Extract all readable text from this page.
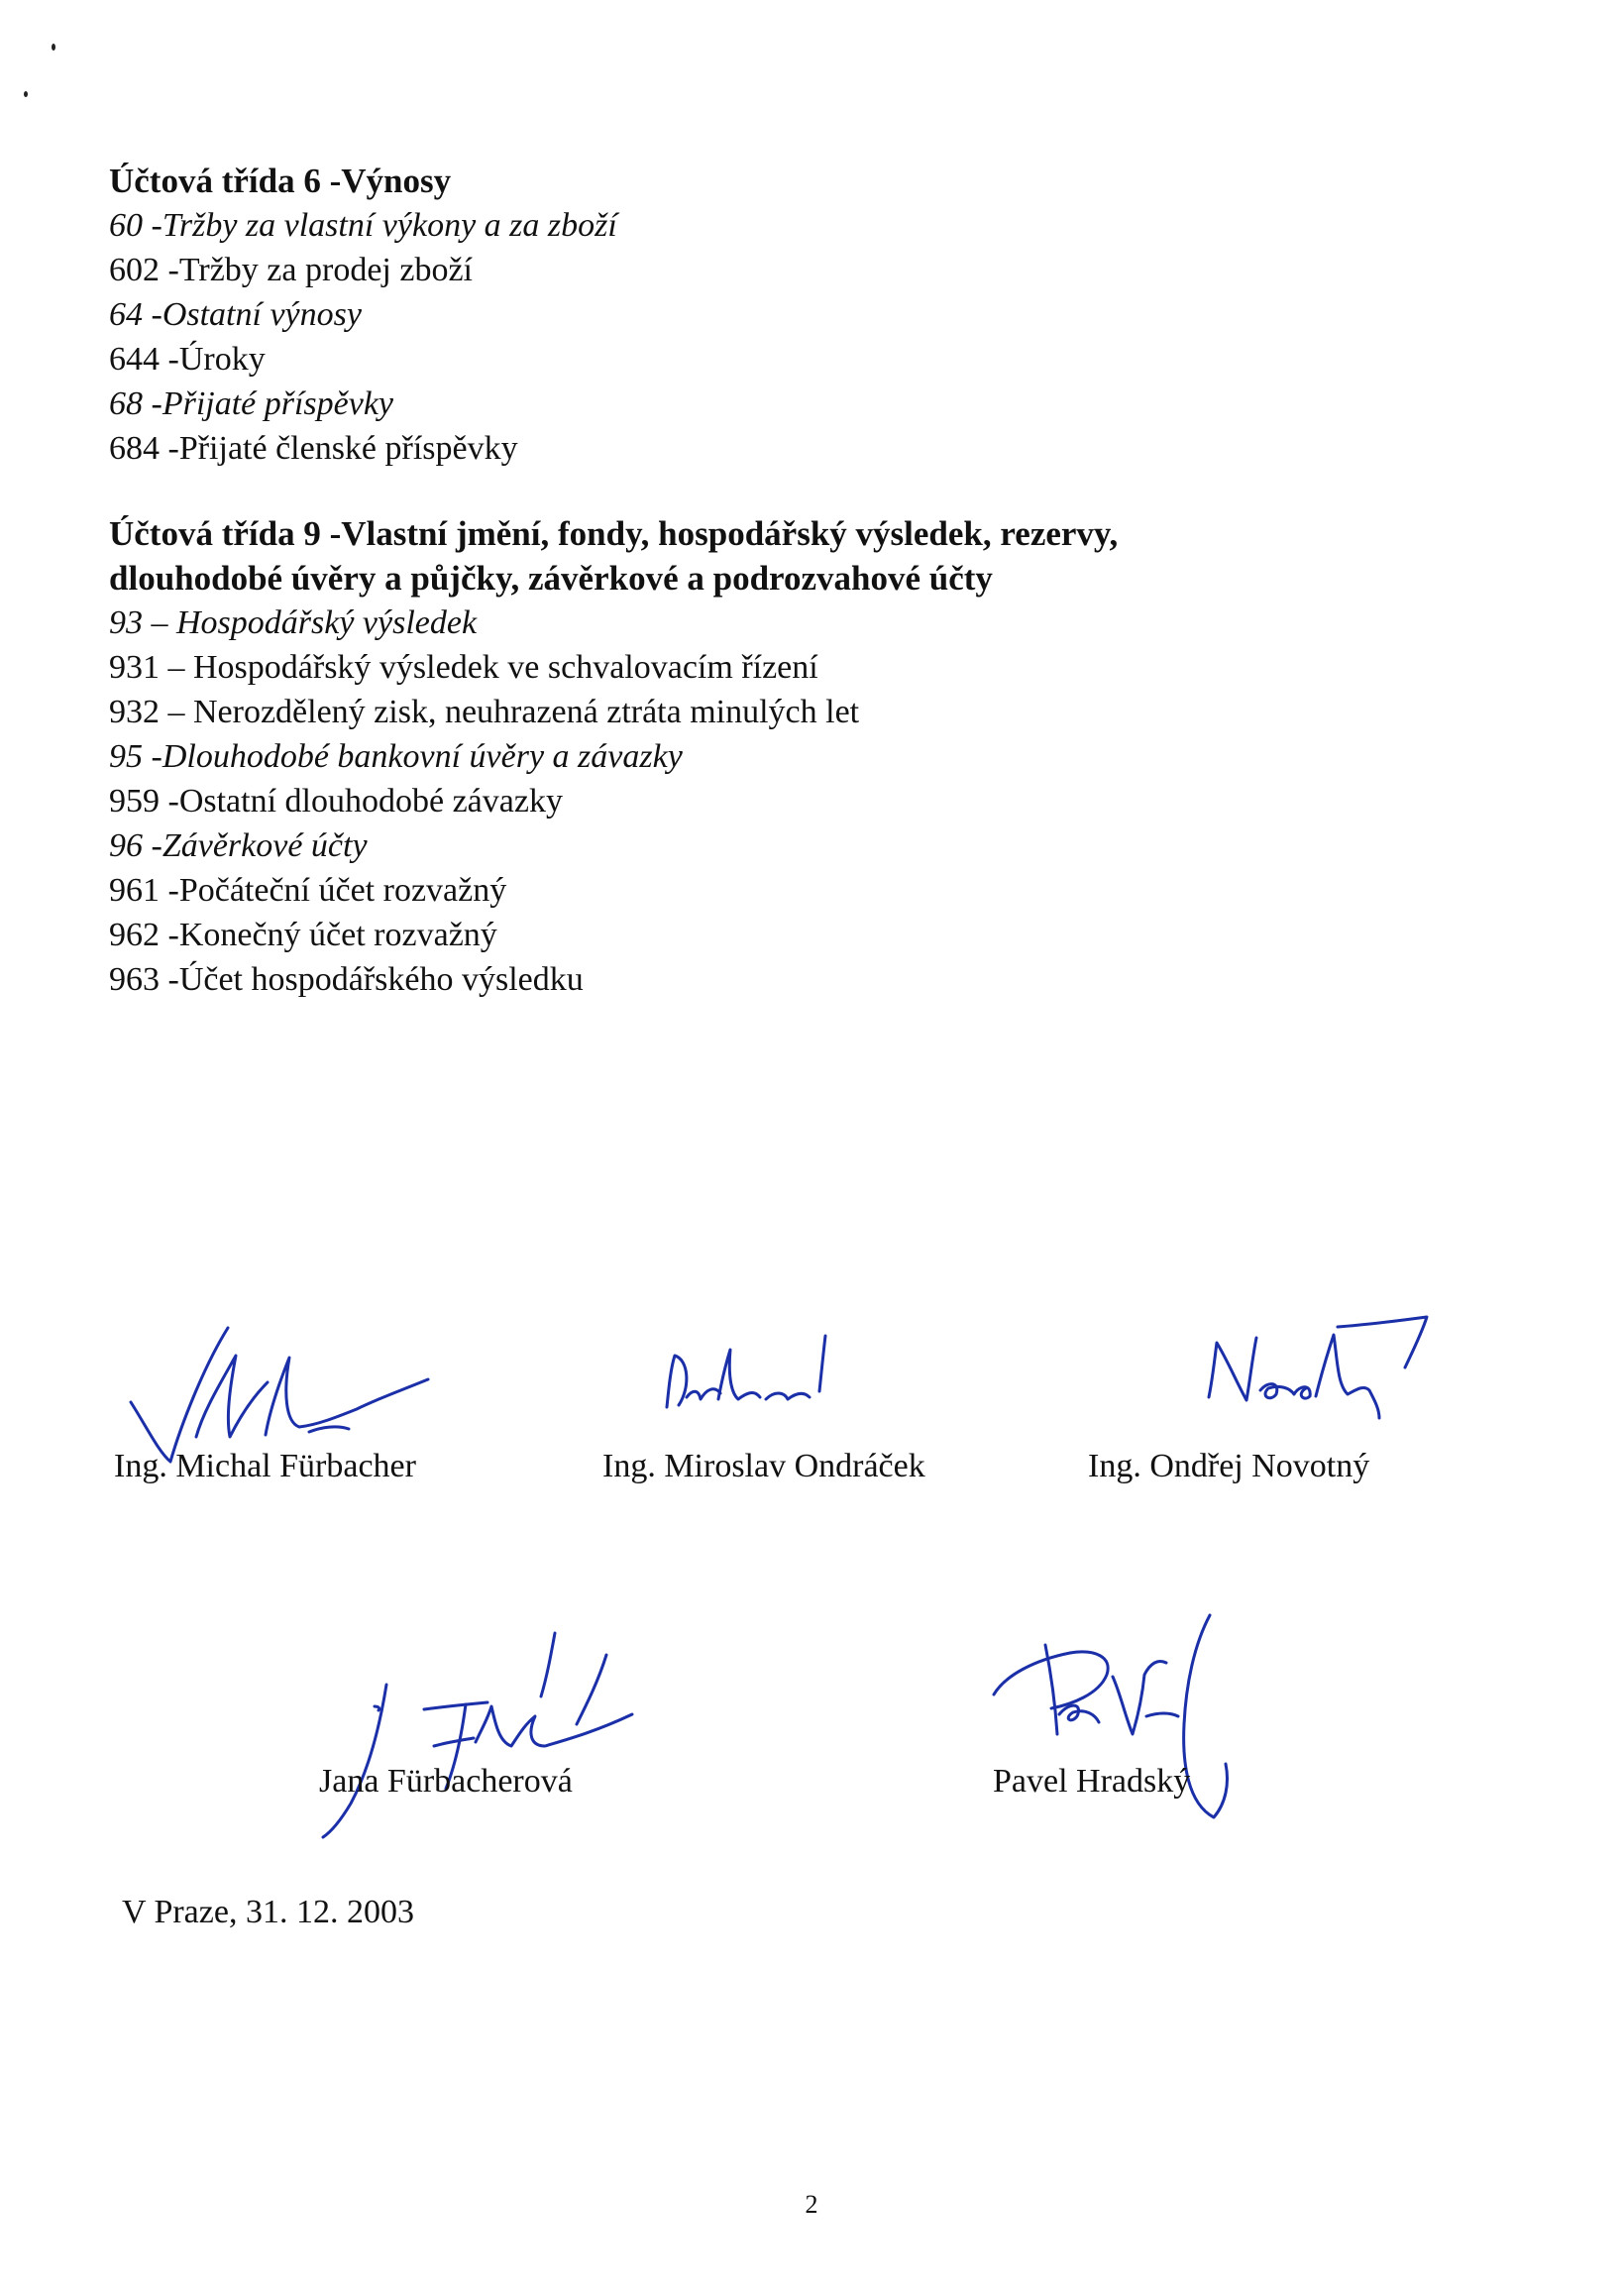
Účtová třída 6 -Výnosy

60 -Tržby za vlastní výkony a za zboží

602 -Tržby za prodej zboží

64 -Ostatní výnosy

644 -Úroky

68 -Přijaté příspěvky

684 -Přijaté členské příspěvky

Účtová třída 9 -Vlastní jmění, fondy, hospodářský výsledek, rezervy,
dlouhodobé úvěry a půjčky, závěrkové a podrozvahové účty

93 – Hospodářský výsledek

931 – Hospodářský výsledek ve schvalovacím řízení

932 – Nerozdělený zisk, neuhrazená ztráta minulých let

95 -Dlouhodobé bankovní úvěry a závazky

959 -Ostatní dlouhodobé závazky

96 -Závěrkové účty

961 -Počáteční účet rozvažný

962 -Konečný účet rozvažný

963 -Účet hospodářského výsledku

Ing. Michal Fürbacher	Ing. Miroslav Ondráček	Ing. Ondřej Novotný
Jana Fürbacherová	Pavel Hradský
V Praze, 31. 12. 2003
2
